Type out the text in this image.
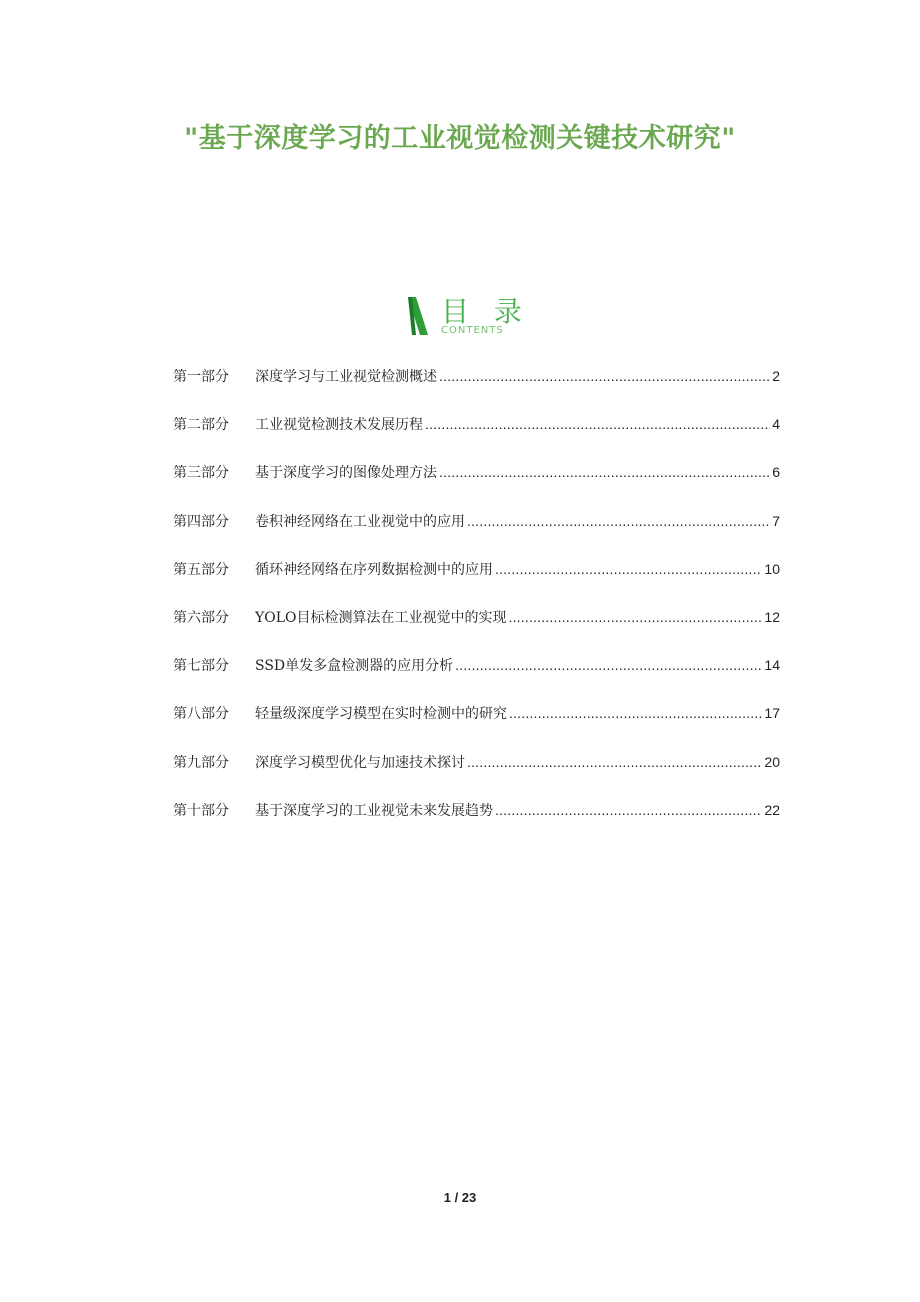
"基于深度学习的工业视觉检测关键技术研究"
目 录
CONTENTS
第一部分	深度学习与工业视觉检测概述 .....	2
第二部分	工业视觉检测技术发展历程 .....	4
第三部分	基于深度学习的图像处理方法 .....	6
第四部分	卷积神经网络在工业视觉中的应用 .....	7
第五部分	循环神经网络在序列数据检测中的应用 .....	10
第六部分	YOLO目标检测算法在工业视觉中的实现 .....	12
第七部分	SSD单发多盒检测器的应用分析 .....	14
第八部分	轻量级深度学习模型在实时检测中的研究 .....	17
第九部分	深度学习模型优化与加速技术探讨 .....	20
第十部分	基于深度学习的工业视觉未来发展趋势 .....	22
1 / 23
